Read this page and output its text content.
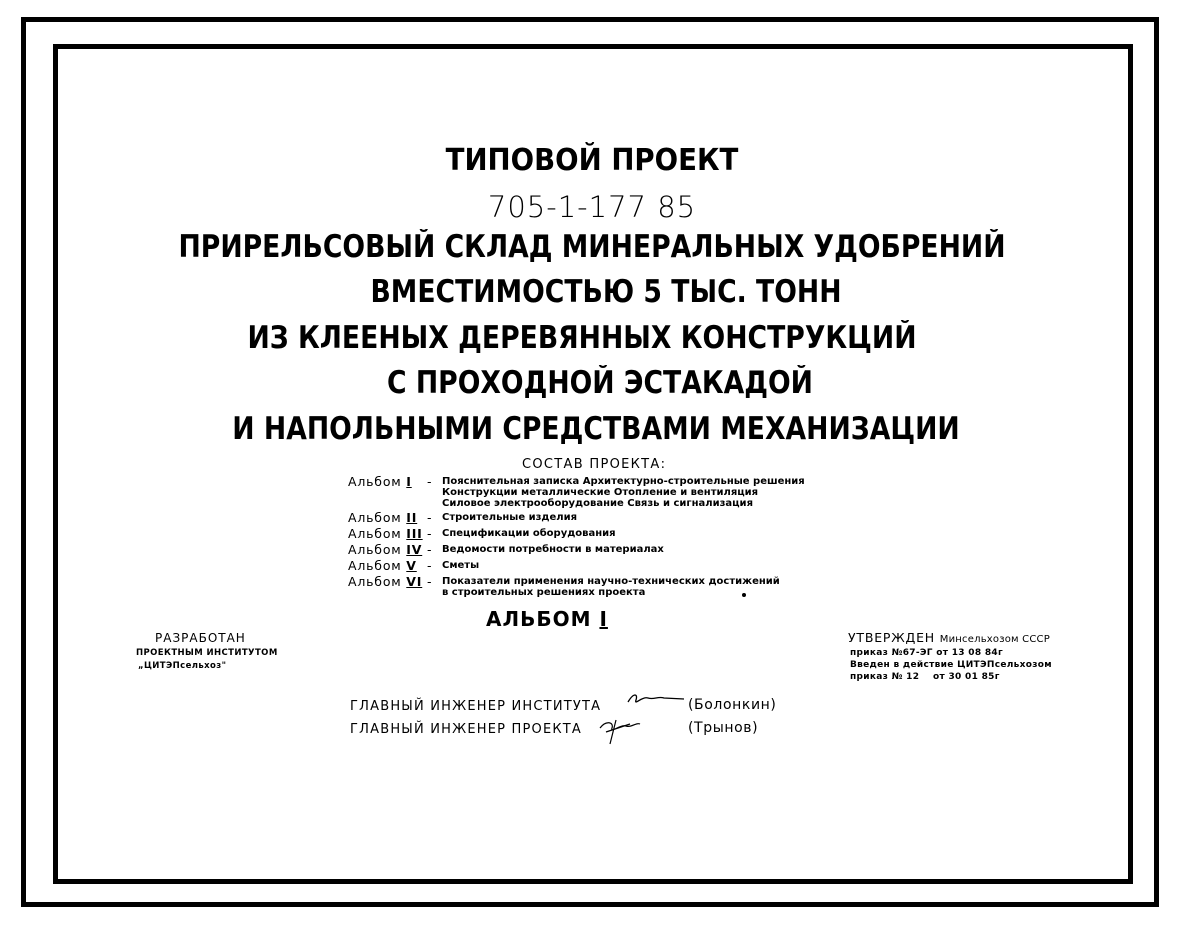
ТИПОВОЙ ПРОЕКТ
705-1-177 85
ПРИРЕЛЬСОВЫЙ СКЛАД МИНЕРАЛЬНЫХ УДОБРЕНИЙ
ВМЕСТИМОСТЬЮ 5 ТЫС. ТОНН
ИЗ КЛЕЕНЫХ ДЕРЕВЯННЫХ КОНСТРУКЦИЙ
С ПРОХОДНОЙ ЭСТАКАДОЙ
И НАПОЛЬНЫМИ СРЕДСТВАМИ МЕХАНИЗАЦИИ
СОСТАВ ПРОЕКТА:
Альбом I - Пояснительная записка Архитектурно-строительные решения
Конструкции металлические Отопление и вентиляция
Силовое электрооборудование Связь и сигнализация
Альбом II - Строительные изделия
Альбом III - Спецификации оборудования
Альбом IV - Ведомости потребности в материалах
Альбом V - Сметы
Альбом VI - Показатели применения научно-технических достижений
в строительных решениях проекта
АЛЬБОМ I
РАЗРАБОТАН
ПРОЕКТНЫМ ИНСТИТУТОМ
„ЦИТЭПсельхоз"
УТВЕРЖДЕН Минсельхозом СССР
приказ №67-ЭГ от 13 08 84г
Введен в действие ЦИТЭПсельхозом
приказ № 12    от 30 01 85г
ГЛАВНЫЙ ИНЖЕНЕР ИНСТИТУТА	(Болонкин)
ГЛАВНЫЙ ИНЖЕНЕР ПРОЕКТА	(Трынов)
